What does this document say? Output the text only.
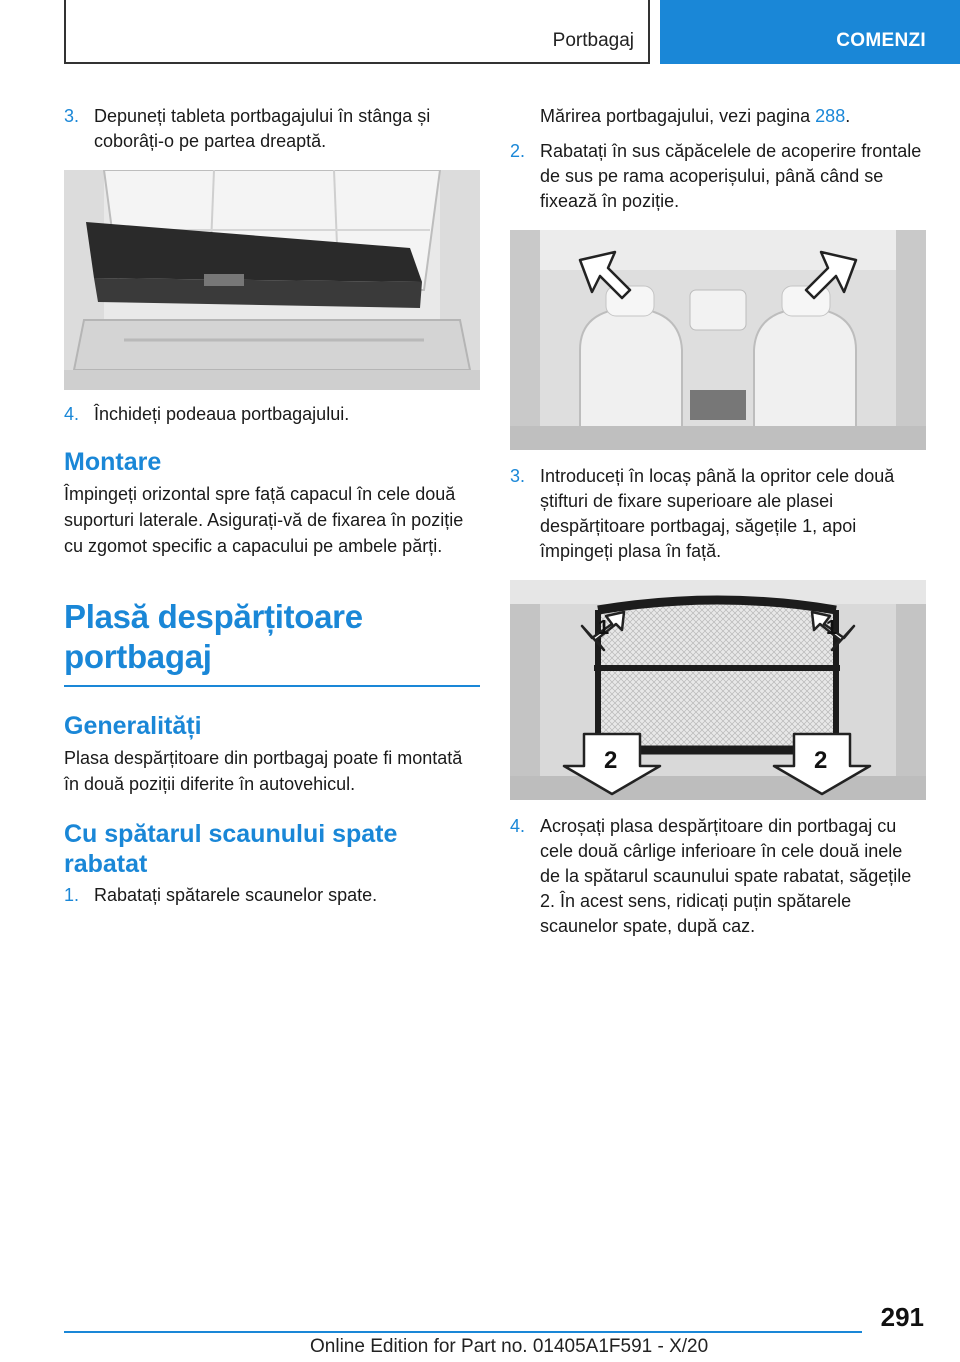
Portbagaj	COMENZI
3. Depuneți tableta portbagajului în stânga și coborâți-o pe partea dreaptă.
4. Închideți podeaua portbagajului.
Montare

Împingeți orizontal spre față capacul în cele două suporturi laterale. Asigurați-vă de fixarea în poziție cu zgomot specific a capacului pe ambele părți.

Plasă despărțitoare portbagaj
Generalități

Plasa despărțitoare din portbagaj poate fi montată în două poziții diferite în autovehicul.

Cu spătarul scaunului spate rabatat
1. Rabatați spătarele scaunelor spate.

Mărirea portbagajului, vezi pagina 288.

2. Rabatați în sus căpăcelele de acoperire frontale de sus pe rama acoperișului, până când se fixează în poziție.
3. Introduceți în locaș până la opritor cele două știfturi de fixare superioare ale plasei despărțitoare portbagaj, săgețile 1, apoi împingeți plasa în față.
1	1
2	2
4. Acroșați plasa despărțitoare din portbagaj cu cele două cârlige inferioare în cele două inele de la spătarul scaunului spate rabatat, săgețile 2. În acest sens, ridicați puțin spătarele scaunelor spate, după caz.
291
Online Edition for Part no. 01405A1F591 - X/20
